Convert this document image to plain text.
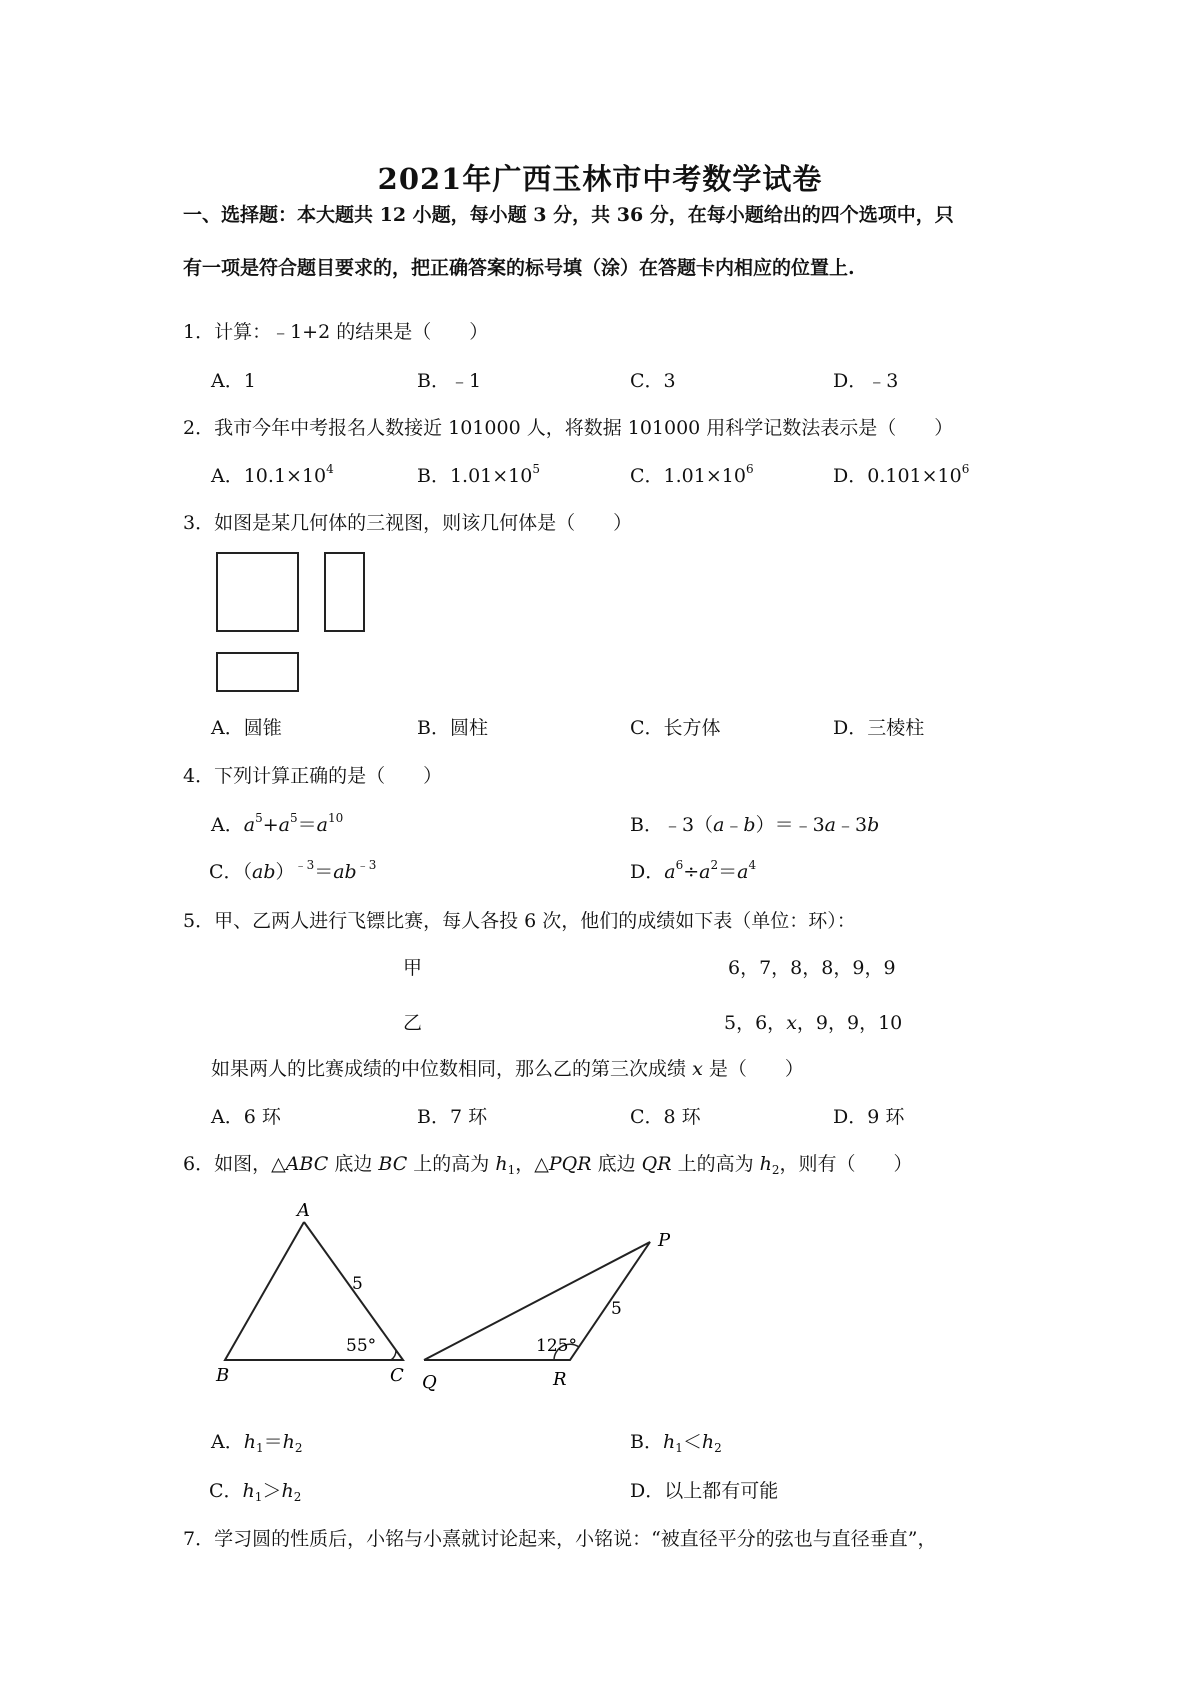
2021年广西玉林市中考数学试卷
一、选择题：本大题共 12 小题，每小题 3 分，共 36 分，在每小题给出的四个选项中，只
有一项是符合题目要求的，把正确答案的标号填（涂）在答题卡内相应的位置上.
1．计算：﹣1+2 的结果是（　　）
A．1	B．﹣1	C．3	D．﹣3
2．我市今年中考报名人数接近 101000 人，将数据 101000 用科学记数法表示是（　　）
A．$10.1\times 10^4$	B．$1.01\times 10^5$	C．$1.01\times 10^6$	D．$0.101\times 10^6$
3．如图是某几何体的三视图，则该几何体是（　　）
A．圆锥	B．圆柱	C．长方体	D．三棱柱
4．下列计算正确的是（　　）
A．$a^5+a^5=a^{10}$	B．﹣3（a﹣b）＝﹣3a﹣3b
C．$(ab)^{﹣3}=ab^{﹣3}$	D．$a^6\div a^2=a^4$
5．甲、乙两人进行飞镖比赛，每人各投 6 次，他们的成绩如下表（单位：环）：
甲	6，7，8，8，9，9
乙	5，6，x，9，9，10
如果两人的比赛成绩的中位数相同，那么乙的第三次成绩 x 是（　　）
A．6 环	B．7 环	C．8 环	D．9 环
6．如图，△ABC 底边 BC 上的高为 $h_1$，△PQR 底边 QR 上的高为 $h_2$，则有（　　）
A
B	C
5
55°
P
Q	R
5
125°
A．$h_1=h_2$	B．$h_1<h_2$
C．$h_1>h_2$	D．以上都有可能
7．学习圆的性质后，小铭与小熹就讨论起来，小铭说：“被直径平分的弦也与直径垂直”，
